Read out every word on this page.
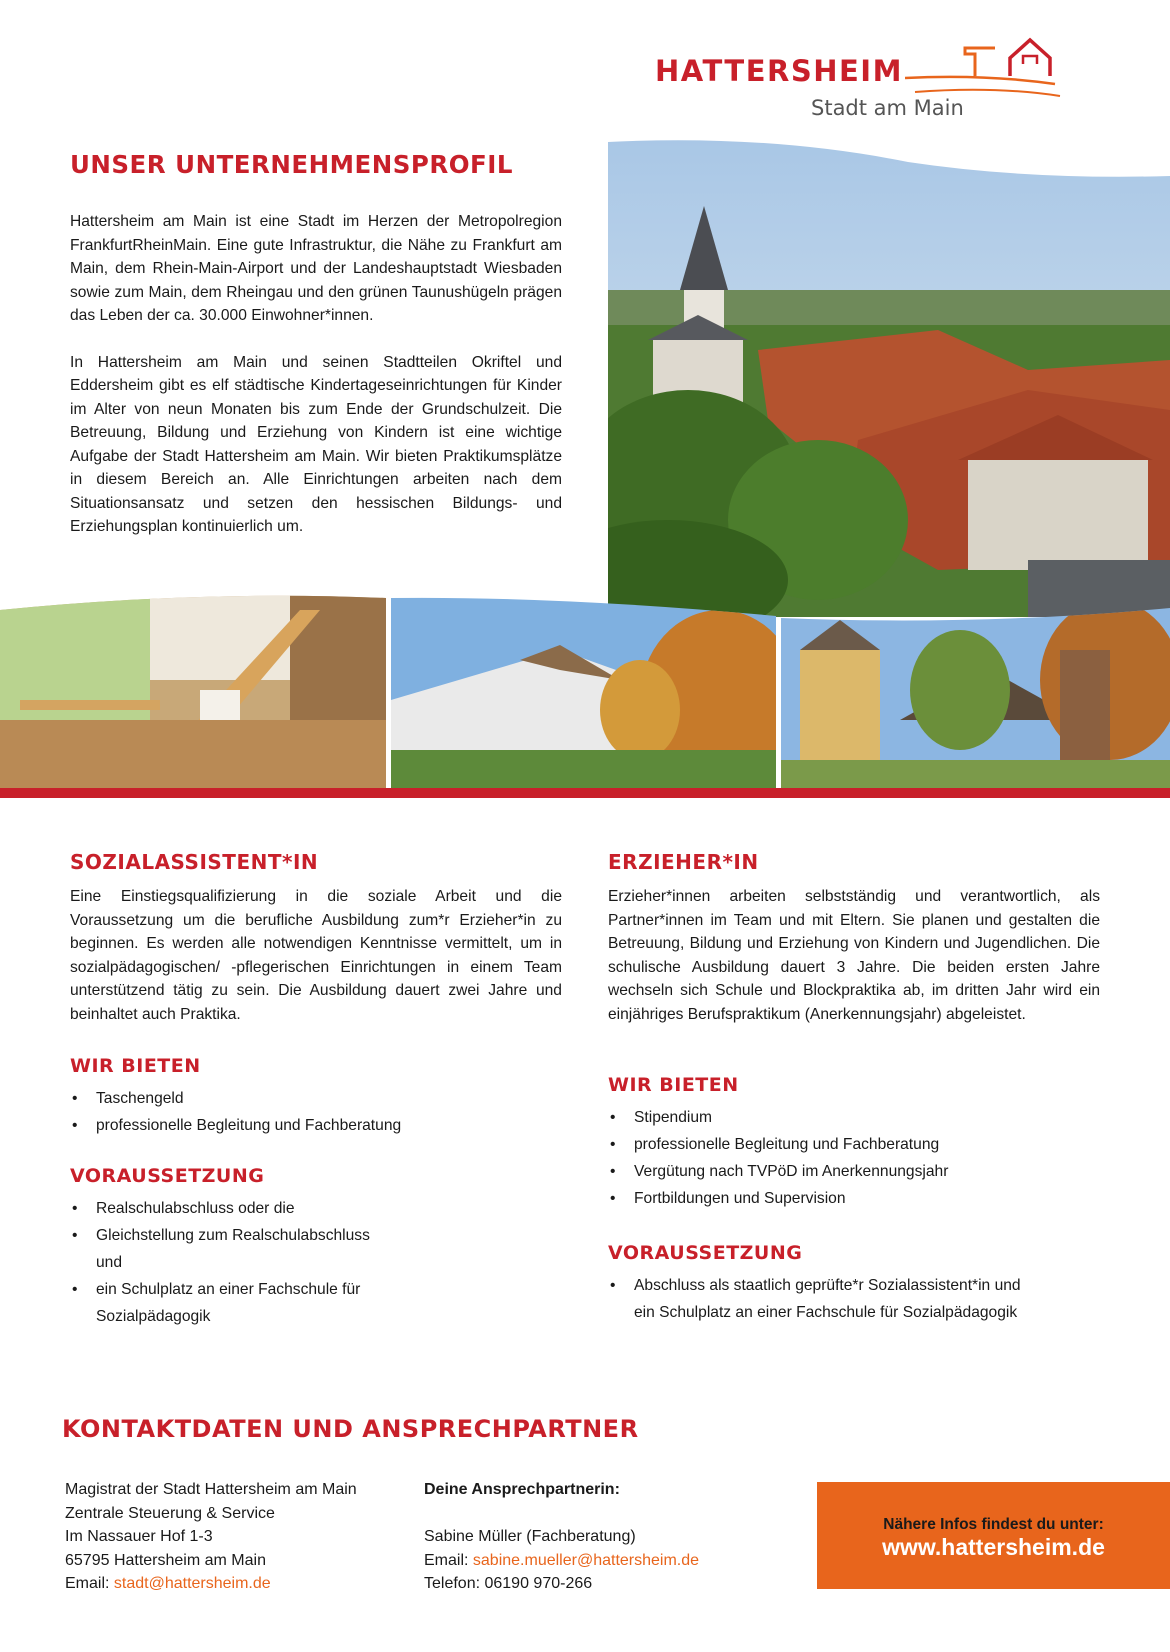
HATTERSHEIM
Stadt am Main
UNSER UNTERNEHMENSPROFIL

Hattersheim am Main ist eine Stadt im Herzen der Metropolregion FrankfurtRheinMain. Eine gute Infrastruktur, die Nähe zu Frankfurt am Main, dem Rhein-Main-Airport und der Landeshauptstadt Wiesbaden sowie zum Main, dem Rheingau und den grünen Taunushügeln prägen das Leben der ca. 30.000 Einwohner*innen.

In Hattersheim am Main und seinen Stadtteilen Okriftel und Eddersheim gibt es elf städtische Kindertageseinrichtungen für Kinder im Alter von neun Monaten bis zum Ende der Grundschulzeit. Die Betreuung, Bildung und Erziehung von Kindern ist eine wichtige Aufgabe der Stadt Hattersheim am Main. Wir bieten Praktikumsplätze in diesem Bereich an. Alle Einrichtungen arbeiten nach dem Situationsansatz und setzen den hessischen Bildungs- und Erziehungsplan kontinuierlich um.

SOZIALASSISTENT*IN

Eine Einstiegsqualifizierung in die soziale Arbeit und die Voraussetzung um die berufliche Ausbildung zum*r Erzieher*in zu beginnen. Es werden alle notwendigen Kenntnisse vermittelt, um in sozialpädagogischen/ -pflegerischen Einrichtungen in einem Team unterstützend tätig zu sein. Die Ausbildung dauert zwei Jahre und beinhaltet auch Praktika.

WIR BIETEN
• Taschengeld
• professionelle Begleitung und Fachberatung
VORAUSSETZUNG
• Realschulabschluss oder die
• Gleichstellung zum Realschulabschluss und
• ein Schulplatz an einer Fachschule für Sozialpädagogik
ERZIEHER*IN

Erzieher*innen arbeiten selbstständig und verantwortlich, als Partner*innen im Team und mit Eltern. Sie planen und gestalten die Betreuung, Bildung und Erziehung von Kindern und Jugendlichen. Die schulische Ausbildung dauert 3 Jahre. Die beiden ersten Jahre wechseln sich Schule und Blockpraktika ab, im dritten Jahr wird ein einjähriges Berufspraktikum (Anerkennungsjahr) abgeleistet.

WIR BIETEN
• Stipendium
• professionelle Begleitung und Fachberatung
• Vergütung nach TVPöD im Anerkennungsjahr
• Fortbildungen und Supervision
VORAUSSETZUNG
• Abschluss als staatlich geprüfte*r Sozialassistent*in und ein Schulplatz an einer Fachschule für Sozialpädagogik
KONTAKTDATEN UND ANSPRECHPARTNER
Magistrat der Stadt Hattersheim am Main
Zentrale Steuerung & Service
Im Nassauer Hof 1-3
65795 Hattersheim am Main
Email: stadt@hattersheim.de
Deine Ansprechpartnerin:
Sabine Müller (Fachberatung)
Email: sabine.mueller@hattersheim.de
Telefon: 06190 970-266
Nähere Infos findest du unter:
www.hattersheim.de
